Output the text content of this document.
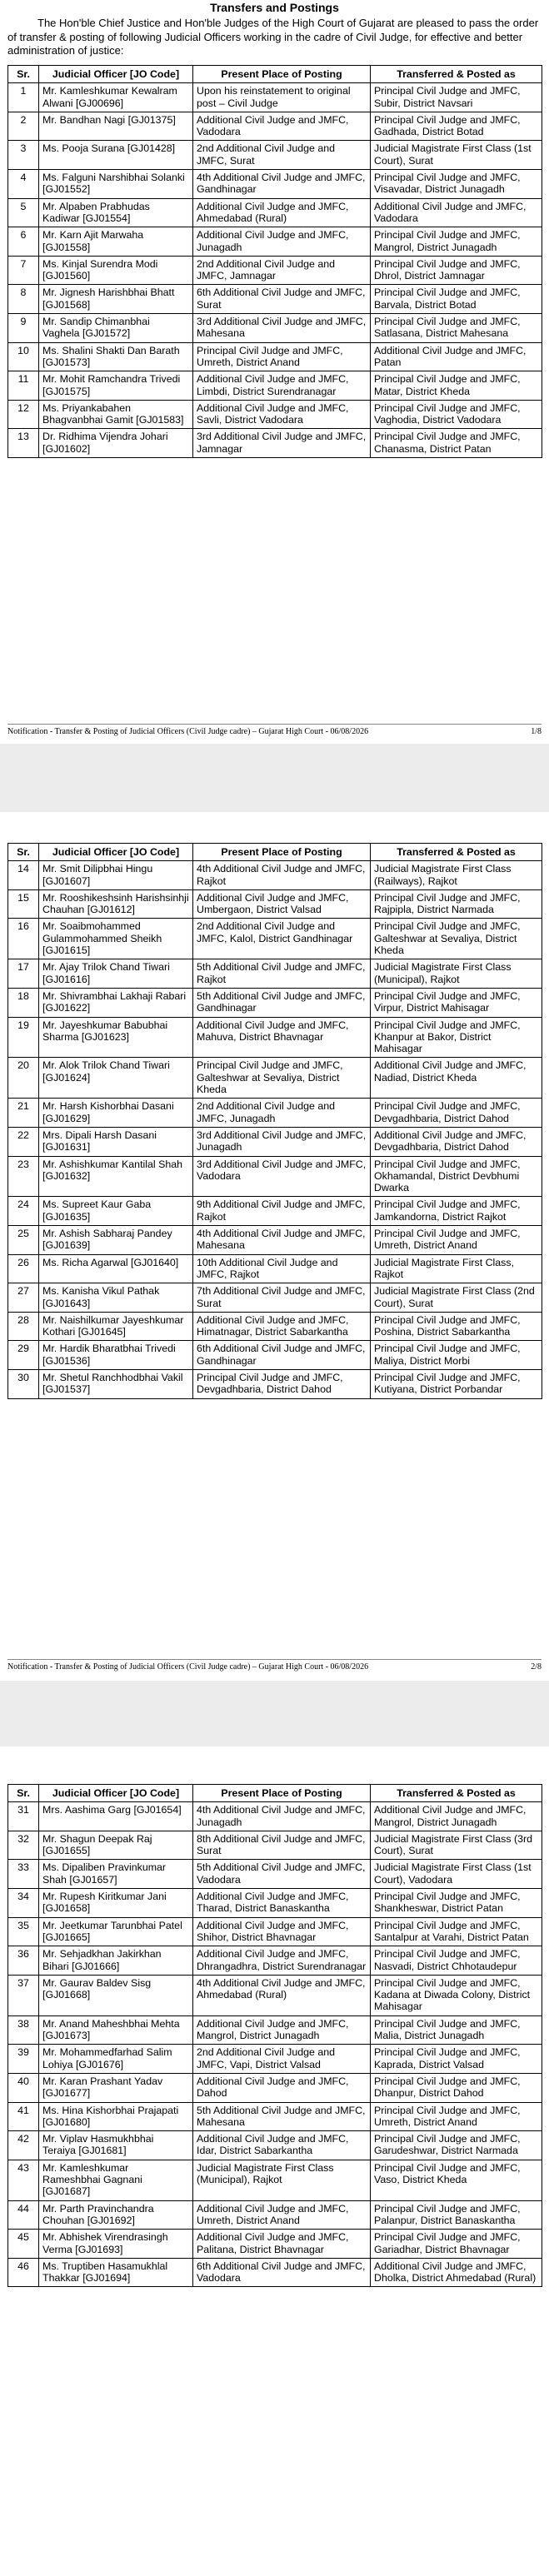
Transfers and Postings

The Hon'ble Chief Justice and Hon'ble Judges of the High Court of Gujarat are pleased to pass the order of transfer & posting of following Judicial Officers working in the cadre of Civil Judge, for effective and better administration of justice:

Sr.	Judicial Officer [JO Code]	Present Place of Posting	Transferred & Posted as
1	Mr. Kamleshkumar Kewalram Alwani [GJ00696]	Upon his reinstatement to original post – Civil Judge	Principal Civil Judge and JMFC, Subir, District Navsari
2	Mr. Bandhan Nagi [GJ01375]	Additional Civil Judge and JMFC, Vadodara	Principal Civil Judge and JMFC, Gadhada, District Botad
3	Ms. Pooja Surana [GJ01428]	2nd Additional Civil Judge and JMFC, Surat	Judicial Magistrate First Class (1st Court), Surat
4	Ms. Falguni Narshibhai Solanki [GJ01552]	4th Additional Civil Judge and JMFC, Gandhinagar	Principal Civil Judge and JMFC, Visavadar, District Junagadh
5	Mr. Alpaben Prabhudas Kadiwar [GJ01554]	Additional Civil Judge and JMFC, Ahmedabad (Rural)	Additional Civil Judge and JMFC, Vadodara
6	Mr. Karn Ajit Marwaha [GJ01558]	Additional Civil Judge and JMFC, Junagadh	Principal Civil Judge and JMFC, Mangrol, District Junagadh
7	Ms. Kinjal Surendra Modi [GJ01560]	2nd Additional Civil Judge and JMFC, Jamnagar	Principal Civil Judge and JMFC, Dhrol, District Jamnagar
8	Mr. Jignesh Harishbhai Bhatt [GJ01568]	6th Additional Civil Judge and JMFC, Surat	Principal Civil Judge and JMFC, Barvala, District Botad
9	Mr. Sandip Chimanbhai Vaghela [GJ01572]	3rd Additional Civil Judge and JMFC, Mahesana	Principal Civil Judge and JMFC, Satlasana, District Mahesana
10	Ms. Shalini Shakti Dan Barath [GJ01573]	Principal Civil Judge and JMFC, Umreth, District Anand	Additional Civil Judge and JMFC, Patan
11	Mr. Mohit Ramchandra Trivedi [GJ01575]	Additional Civil Judge and JMFC, Limbdi, District Surendranagar	Principal Civil Judge and JMFC, Matar, District Kheda
12	Ms. Priyankabahen Bhagvanbhai Gamit [GJ01583]	Additional Civil Judge and JMFC, Savli, District Vadodara	Principal Civil Judge and JMFC, Vaghodia, District Vadodara
13	Dr. Ridhima Vijendra Johari [GJ01602]	3rd Additional Civil Judge and JMFC, Jamnagar	Principal Civil Judge and JMFC, Chanasma, District Patan
Notification - Transfer & Posting of Judicial Officers (Civil Judge cadre) – Gujarat High Court - 06/08/2026	1/8
Sr.	Judicial Officer [JO Code]	Present Place of Posting	Transferred & Posted as
14	Mr. Smit Dilipbhai Hingu [GJ01607]	4th Additional Civil Judge and JMFC, Rajkot	Judicial Magistrate First Class (Railways), Rajkot
15	Mr. Rooshikeshsinh Harishsinhji Chauhan [GJ01612]	Additional Civil Judge and JMFC, Umbergaon, District Valsad	Principal Civil Judge and JMFC, Rajpipla, District Narmada
16	Mr. Soaibmohammed Gulammohammed Sheikh [GJ01615]	2nd Additional Civil Judge and JMFC, Kalol, District Gandhinagar	Principal Civil Judge and JMFC, Galteshwar at Sevaliya, District Kheda
17	Mr. Ajay Trilok Chand Tiwari [GJ01616]	5th Additional Civil Judge and JMFC, Rajkot	Judicial Magistrate First Class (Municipal), Rajkot
18	Mr. Shivrambhai Lakhaji Rabari [GJ01622]	5th Additional Civil Judge and JMFC, Gandhinagar	Principal Civil Judge and JMFC, Virpur, District Mahisagar
19	Mr. Jayeshkumar Babubhai Sharma [GJ01623]	Additional Civil Judge and JMFC, Mahuva, District Bhavnagar	Principal Civil Judge and JMFC, Khanpur at Bakor, District Mahisagar
20	Mr. Alok Trilok Chand Tiwari [GJ01624]	Principal Civil Judge and JMFC, Galteshwar at Sevaliya, District Kheda	Additional Civil Judge and JMFC, Nadiad, District Kheda
21	Mr. Harsh Kishorbhai Dasani [GJ01629]	2nd Additional Civil Judge and JMFC, Junagadh	Principal Civil Judge and JMFC, Devgadhbaria, District Dahod
22	Mrs. Dipali Harsh Dasani [GJ01631]	3rd Additional Civil Judge and JMFC, Junagadh	Additional Civil Judge and JMFC, Devgadhbaria, District Dahod
23	Mr. Ashishkumar Kantilal Shah [GJ01632]	3rd Additional Civil Judge and JMFC, Vadodara	Principal Civil Judge and JMFC, Okhamandal, District Devbhumi Dwarka
24	Ms. Supreet Kaur Gaba [GJ01635]	9th Additional Civil Judge and JMFC, Rajkot	Principal Civil Judge and JMFC, Jamkandorna, District Rajkot
25	Mr. Ashish Sabharaj Pandey [GJ01639]	4th Additional Civil Judge and JMFC, Mahesana	Principal Civil Judge and JMFC, Umreth, District Anand
26	Ms. Richa Agarwal [GJ01640]	10th Additional Civil Judge and JMFC, Rajkot	Judicial Magistrate First Class, Rajkot
27	Ms. Kanisha Vikul Pathak [GJ01643]	7th Additional Civil Judge and JMFC, Surat	Judicial Magistrate First Class (2nd Court), Surat
28	Mr. Naishilkumar Jayeshkumar Kothari [GJ01645]	Additional Civil Judge and JMFC, Himatnagar, District Sabarkantha	Principal Civil Judge and JMFC, Poshina, District Sabarkantha
29	Mr. Hardik Bharatbhai Trivedi [GJ01536]	6th Additional Civil Judge and JMFC, Gandhinagar	Principal Civil Judge and JMFC, Maliya, District Morbi
30	Mr. Shetul Ranchhodbhai Vakil [GJ01537]	Principal Civil Judge and JMFC, Devgadhbaria, District Dahod	Principal Civil Judge and JMFC, Kutiyana, District Porbandar
Notification - Transfer & Posting of Judicial Officers (Civil Judge cadre) – Gujarat High Court - 06/08/2026	2/8
Sr.	Judicial Officer [JO Code]	Present Place of Posting	Transferred & Posted as
31	Mrs. Aashima Garg [GJ01654]	4th Additional Civil Judge and JMFC, Junagadh	Additional Civil Judge and JMFC, Mangrol, District Junagadh
32	Mr. Shagun Deepak Raj [GJ01655]	8th Additional Civil Judge and JMFC, Surat	Judicial Magistrate First Class (3rd Court), Surat
33	Ms. Dipaliben Pravinkumar Shah [GJ01657]	5th Additional Civil Judge and JMFC, Vadodara	Judicial Magistrate First Class (1st Court), Vadodara
34	Mr. Rupesh Kiritkumar Jani [GJ01658]	Additional Civil Judge and JMFC, Tharad, District Banaskantha	Principal Civil Judge and JMFC, Shankheswar, District Patan
35	Mr. Jeetkumar Tarunbhai Patel [GJ01665]	Additional Civil Judge and JMFC, Shihor, District Bhavnagar	Principal Civil Judge and JMFC, Santalpur at Varahi, District Patan
36	Mr. Sehjadkhan Jakirkhan Bihari [GJ01666]	Additional Civil Judge and JMFC, Dhrangadhra, District Surendranagar	Principal Civil Judge and JMFC, Nasvadi, District Chhotaudepur
37	Mr. Gaurav Baldev Sisg [GJ01668]	4th Additional Civil Judge and JMFC, Ahmedabad (Rural)	Principal Civil Judge and JMFC, Kadana at Diwada Colony, District Mahisagar
38	Mr. Anand Maheshbhai Mehta [GJ01673]	Additional Civil Judge and JMFC, Mangrol, District Junagadh	Principal Civil Judge and JMFC, Malia, District Junagadh
39	Mr. Mohammedfarhad Salim Lohiya [GJ01676]	2nd Additional Civil Judge and JMFC, Vapi, District Valsad	Principal Civil Judge and JMFC, Kaprada, District Valsad
40	Mr. Karan Prashant Yadav [GJ01677]	Additional Civil Judge and JMFC, Dahod	Principal Civil Judge and JMFC, Dhanpur, District Dahod
41	Ms. Hina Kishorbhai Prajapati [GJ01680]	5th Additional Civil Judge and JMFC, Mahesana	Principal Civil Judge and JMFC, Umreth, District Anand
42	Mr. Viplav Hasmukhbhai Teraiya [GJ01681]	Additional Civil Judge and JMFC, Idar, District Sabarkantha	Principal Civil Judge and JMFC, Garudeshwar, District Narmada
43	Mr. Kamleshkumar Rameshbhai Gagnani [GJ01687]	Judicial Magistrate First Class (Municipal), Rajkot	Principal Civil Judge and JMFC, Vaso, District Kheda
44	Mr. Parth Pravinchandra Chouhan [GJ01692]	Additional Civil Judge and JMFC, Umreth, District Anand	Principal Civil Judge and JMFC, Palanpur, District Banaskantha
45	Mr. Abhishek Virendrasingh Verma [GJ01693]	Additional Civil Judge and JMFC, Palitana, District Bhavnagar	Principal Civil Judge and JMFC, Gariadhar, District Bhavnagar
46	Ms. Truptiben Hasamukhlal Thakkar [GJ01694]	6th Additional Civil Judge and JMFC, Vadodara	Additional Civil Judge and JMFC, Dholka, District Ahmedabad (Rural)
